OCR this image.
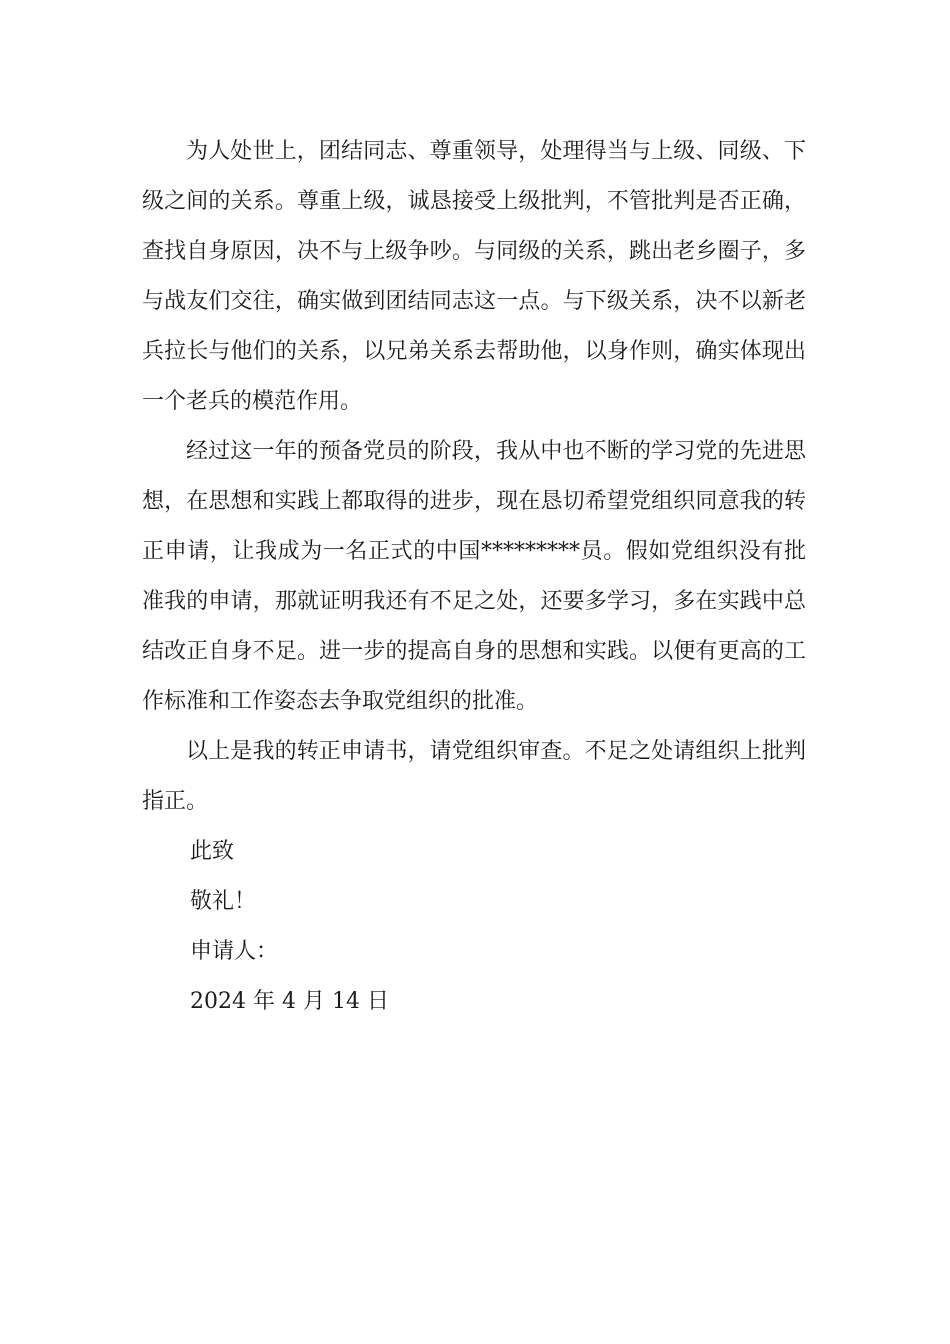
为人处世上，团结同志、尊重领导，处理得当与上级、同级、下级之间的关系。尊重上级，诚恳接受上级批判，不管批判是否正确，查找自身原因，决不与上级争吵。与同级的关系，跳出老乡圈子，多与战友们交往，确实做到团结同志这一点。与下级关系，决不以新老兵拉长与他们的关系，以兄弟关系去帮助他，以身作则，确实体现出一个老兵的模范作用。

经过这一年的预备党员的阶段，我从中也不断的学习党的先进思想，在思想和实践上都取得的进步，现在恳切希望党组织同意我的转正申请，让我成为一名正式的中国*********员。假如党组织没有批准我的申请，那就证明我还有不足之处，还要多学习，多在实践中总结改正自身不足。进一步的提高自身的思想和实践。以便有更高的工作标准和工作姿态去争取党组织的批准。

以上是我的转正申请书，请党组织审查。不足之处请组织上批判指正。

此致

敬礼！

申请人：

2024 年 4 月 14 日
